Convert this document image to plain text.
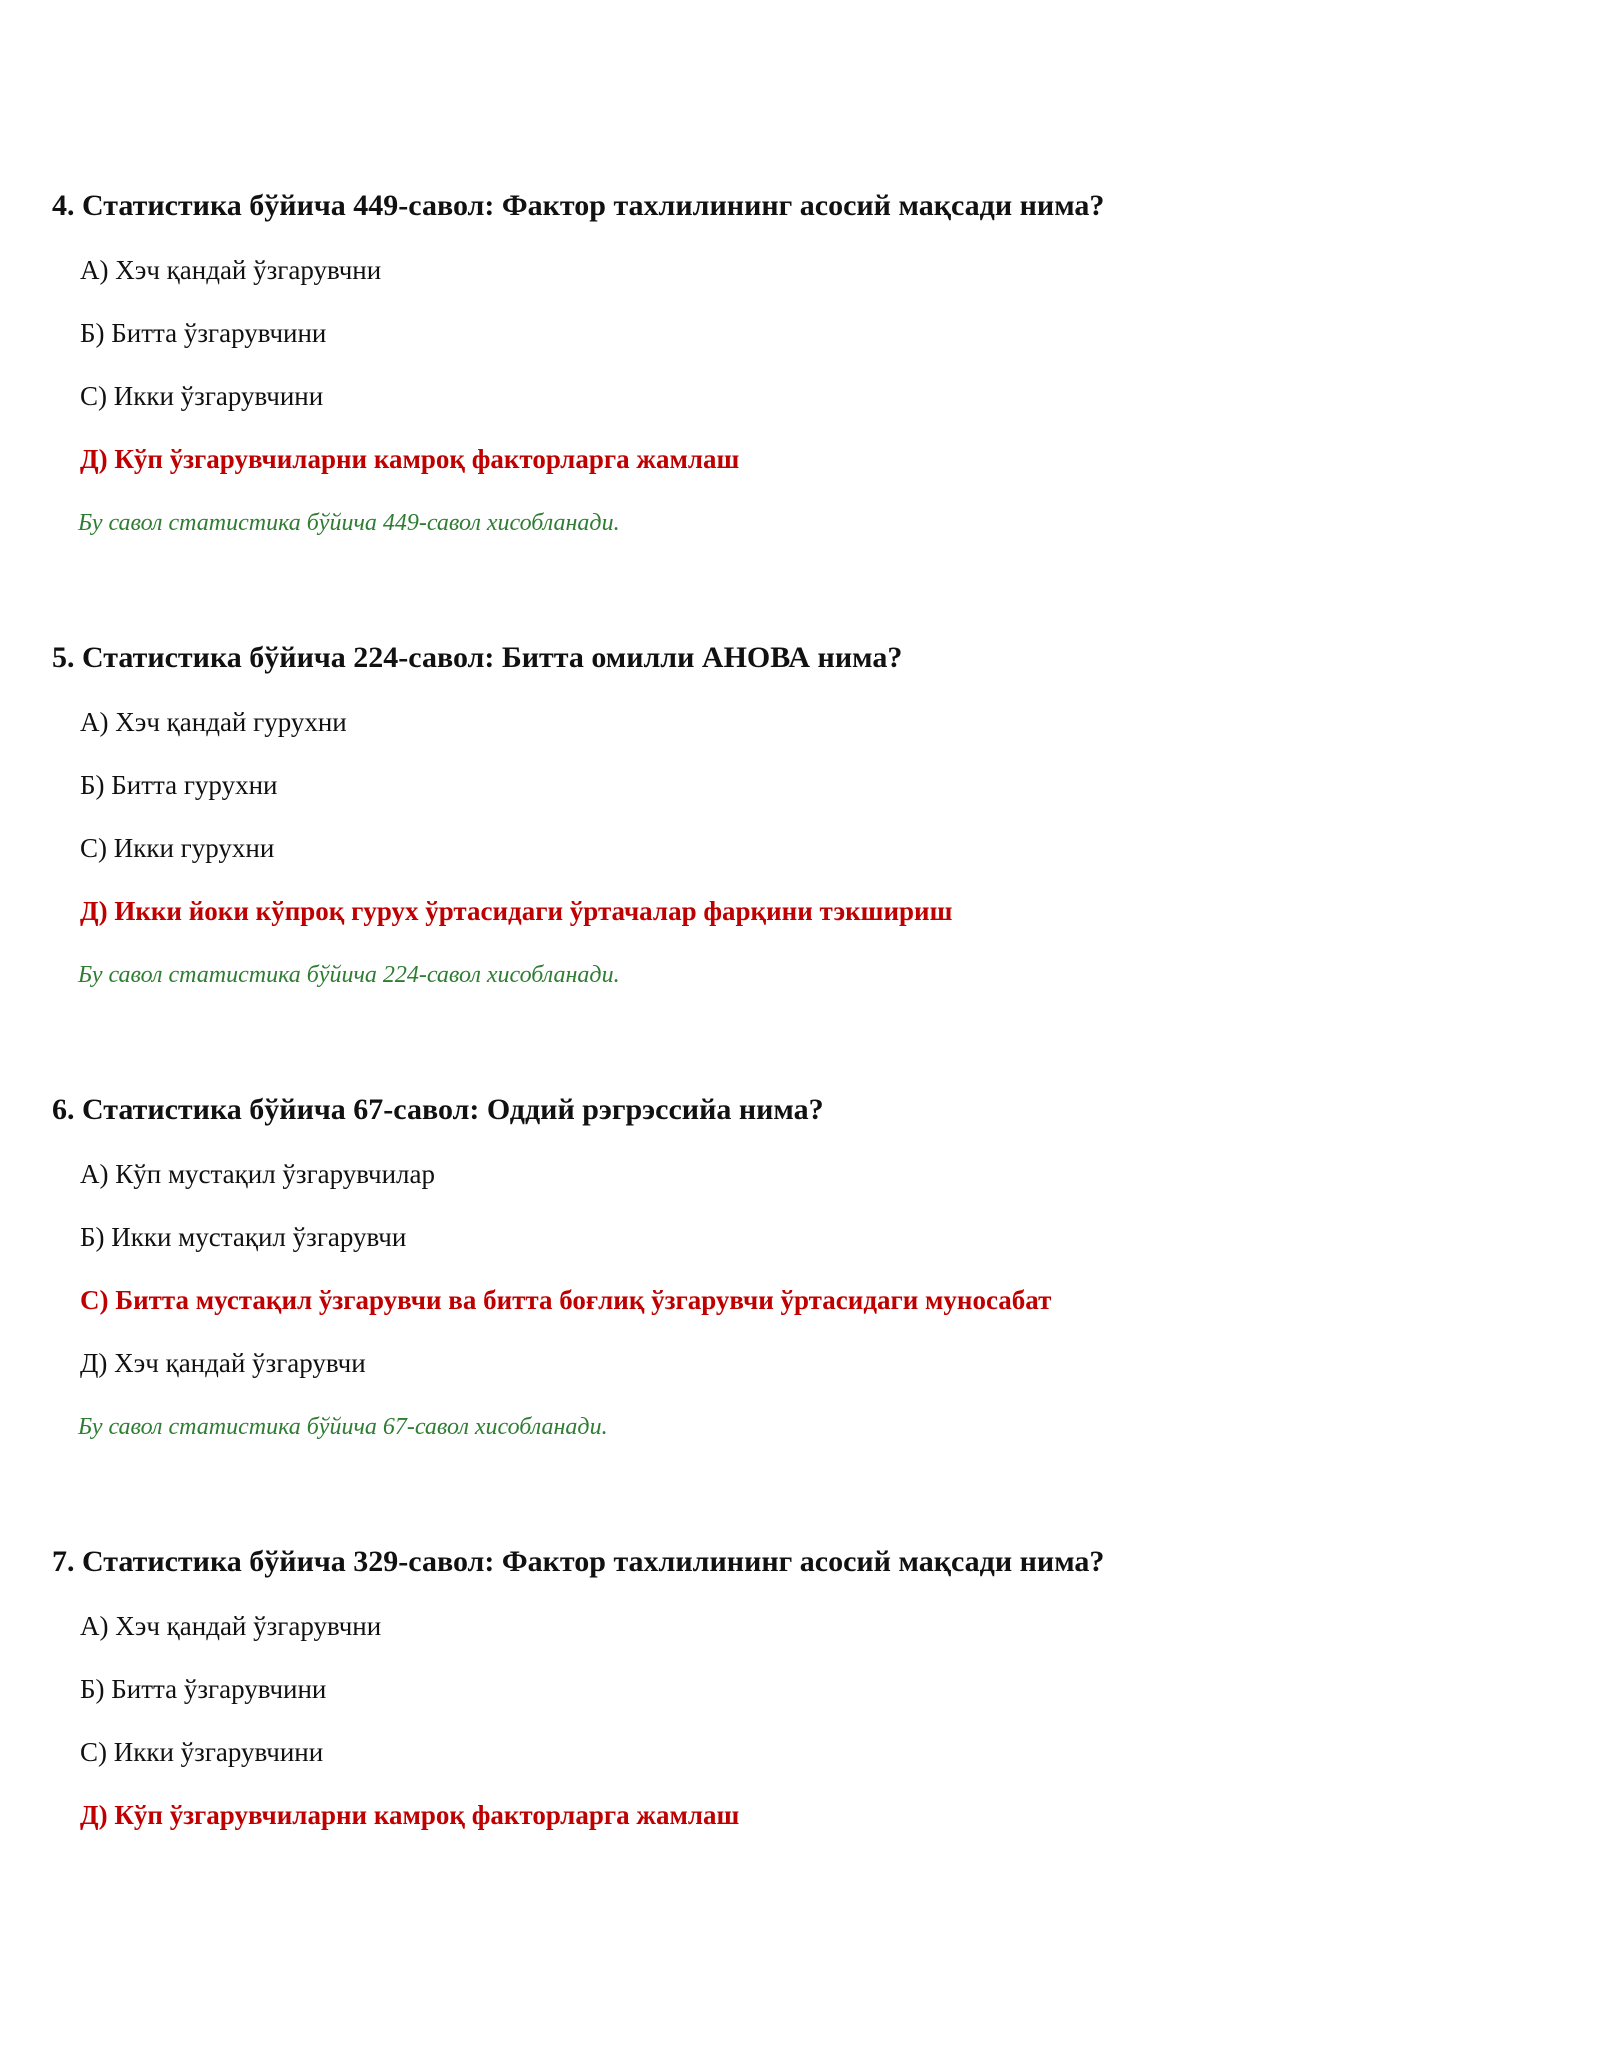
4. Статистика бўйича 449-савол: Фактор тахлилининг асосий мақсади нима?

А) Хэч қандай ўзгарувчни
Б) Битта ўзгарувчини
С) Икки ўзгарувчини
Д) Кўп ўзгарувчиларни камроқ факторларга жамлаш
Бу савол статистика бўйича 449-савол хисобланади.

5. Статистика бўйича 224-савол: Битта омилли АНОВА нима?

А) Хэч қандай гурухни
Б) Битта гурухни
С) Икки гурухни
Д) Икки йоки кўпроқ гурух ўртасидаги ўртачалар фарқини тэкшириш
Бу савол статистика бўйича 224-савол хисобланади.

6. Статистика бўйича 67-савол: Оддий рэгрэссийа нима?

А) Кўп мустақил ўзгарувчилар
Б) Икки мустақил ўзгарувчи
С) Битта мустақил ўзгарувчи ва битта боғлиқ ўзгарувчи ўртасидаги муносабат
Д) Хэч қандай ўзгарувчи
Бу савол статистика бўйича 67-савол хисобланади.

7. Статистика бўйича 329-савол: Фактор тахлилининг асосий мақсади нима?

А) Хэч қандай ўзгарувчни
Б) Битта ўзгарувчини
С) Икки ўзгарувчини
Д) Кўп ўзгарувчиларни камроқ факторларга жамлаш
